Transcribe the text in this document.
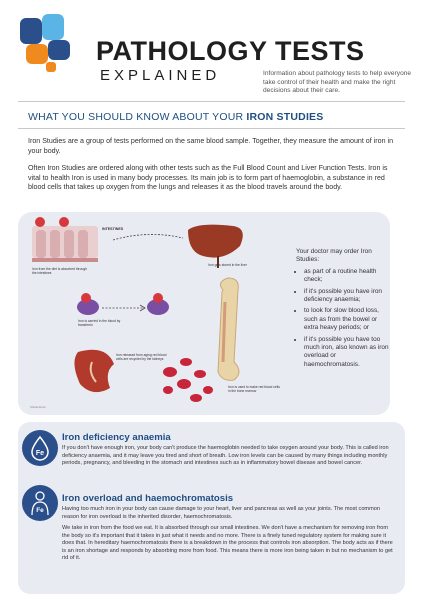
PATHOLOGY TESTS
EXPLAINED	Information about pathology tests to help everyone take control of their health and make the right decisions about their care.
WHAT YOU SHOULD KNOW ABOUT YOUR IRON STUDIES
Iron Studies are a group of tests performed on the same blood sample. Together, they measure the amount of iron in your body.
Often Iron Studies are ordered along with other tests such as the Full Blood Count and Liver Function Tests. Iron is vital to health Iron is used in many body processes. Its main job is to form part of haemoglobin, a substance in red blood cells that takes up oxygen from the lungs and releases it as the blood travels around the body.
INTESTINES
Iron from the diet is absorbed through
the intestines
Iron gets stored in the liver
Iron is carried in the blood by
transferrin
Iron released from aging red blood
cells are recycled by the kidneys
Iron is used to make red blood cells
in the bone marrow
Shutterstock
Your doctor may order Iron Studies:
• as part of a routine health check;
• if it's possible you have iron deficiency anaemia;
• to look for slow blood loss, such as from the bowel or extra heavy periods; or
• if it's possible you have too much iron, also known as iron overload or haemochromatosis.
Fe
Iron deficiency anaemia
If you don't have enough iron, your body can't produce the haemoglobin needed to take oxygen around your body. This is called iron deficiency anaemia, and it may leave you tired and short of breath. Low iron levels can be caused by many things including monthly periods, pregnancy, and bleeding in the stomach and intestines such as in inflammatory bowel disease and bowel cancer.
Fe
Iron overload and haemochromatosis
Having too much iron in your body can cause damage to your heart, liver and pancreas as well as your joints. The most common reason for iron overload is the inherited disorder, haemochromatosis.
We take in iron from the food we eat. It is absorbed through our small intestines. We don't have a mechanism for removing iron from the body so it's important that it takes in just what it needs and no more. There is a finely tuned regulatory system for making sure it does that. In hereditary haemochromatosis there is a breakdown in the process that controls iron absorption. The body acts as if there is an iron shortage and responds by absorbing more from food. This means there is more iron being taken in but no mechanism to get rid of it.
